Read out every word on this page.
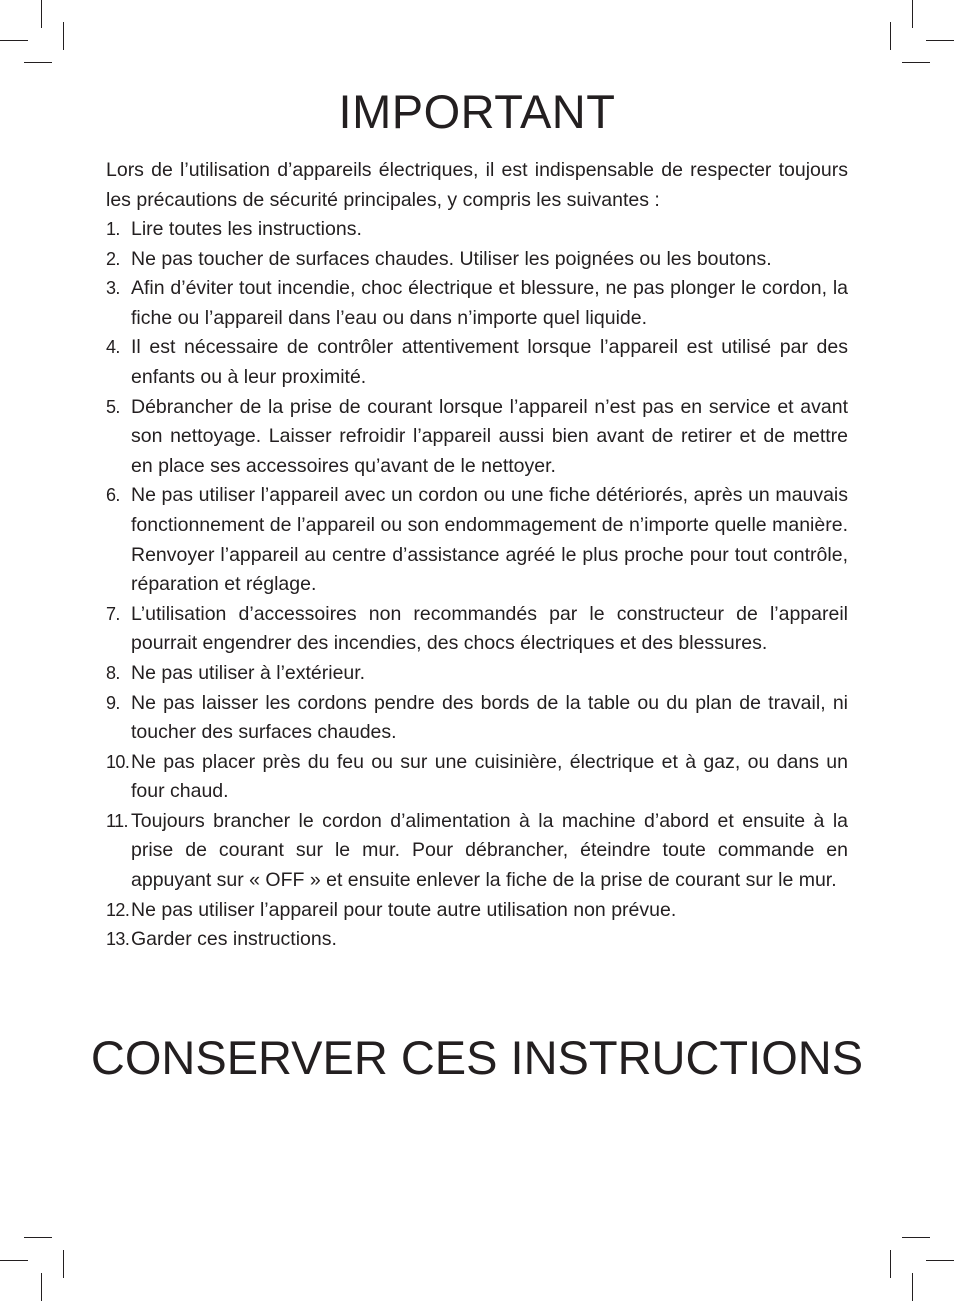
IMPORTANT

Lors de l’utilisation d’appareils électriques, il est indispensable de respecter toujours les précautions de sécurité principales, y compris les suivantes :

1. Lire toutes les instructions.
2. Ne pas toucher de surfaces chaudes. Utiliser les poignées ou les boutons.
3. Afin d’éviter tout incendie, choc électrique et blessure, ne pas plonger le cordon, la fiche ou l’appareil dans l’eau ou dans n’importe quel liquide.
4. Il est nécessaire de contrôler attentivement lorsque l’appareil est utilisé par des enfants ou à leur proximité.
5. Débrancher de la prise de courant lorsque l’appareil n’est pas en service et avant son nettoyage. Laisser refroidir l’appareil aussi bien avant de retirer et de mettre en place ses accessoires qu’avant de le nettoyer.
6. Ne pas utiliser l’appareil avec un cordon ou une fiche détériorés, après un mauvais fonctionnement de l’appareil ou son endommagement de n’importe quelle manière. Renvoyer l’appareil au centre d’assistance agréé le plus proche pour tout contrôle, réparation et réglage.
7. L’utilisation d’accessoires non recommandés par le constructeur de l’appareil pourrait engendrer des incendies, des chocs électriques et des blessures.
8. Ne pas utiliser à l’extérieur.
9. Ne pas laisser les cordons pendre des bords de la table ou du plan de travail, ni toucher des surfaces chaudes.
10. Ne pas placer près du feu ou sur une cuisinière, électrique et à gaz, ou dans un four chaud.
11. Toujours brancher le cordon d’alimentation à la machine d’abord et ensuite à la prise de courant sur le mur. Pour débrancher, éteindre toute commande en appuyant sur « OFF » et ensuite enlever la fiche de la prise de courant sur le mur.
12. Ne pas utiliser l’appareil pour toute autre utilisation non prévue.
13. Garder ces instructions.
CONSERVER CES INSTRUCTIONS
